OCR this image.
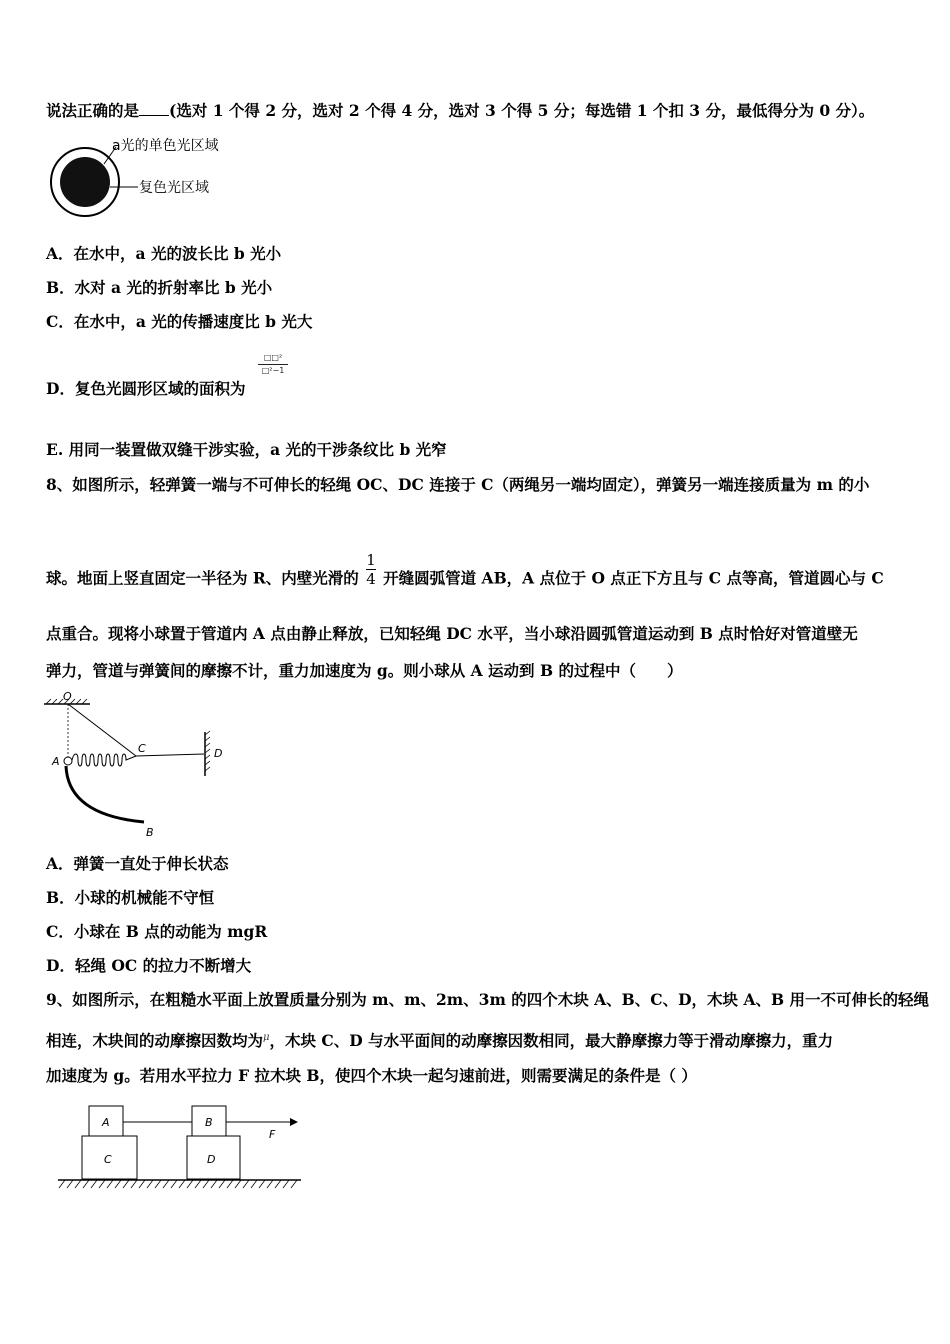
说法正确的是 (选对 1 个得 2 分，选对 2 个得 4 分，选对 3 个得 5 分；每选错 1 个扣 3 分，最低得分为 0 分）。
a光的单色光区域
复色光区域
A．在水中，a 光的波长比 b 光小
B．水对 a 光的折射率比 b 光小
C．在水中，a 光的传播速度比 b 光大
D．复色光圆形区域的面积为
□□²
□²−1
E. 用同一装置做双缝干涉实验，a 光的干涉条纹比 b 光窄
8、如图所示，轻弹簧一端与不可伸长的轻绳 OC、DC 连接于 C（两绳另一端均固定），弹簧另一端连接质量为 m 的小
球。地面上竖直固定一半径为 R、内壁光滑的 $\frac{1}{4}$ 开缝圆弧管道 AB，A 点位于 O 点正下方且与 C 点等高，管道圆心与 C
点重合。现将小球置于管道内 A 点由静止释放，已知轻绳 DC 水平，当小球沿圆弧管道运动到 B 点时恰好对管道壁无
弹力，管道与弹簧间的摩擦不计，重力加速度为 g。则小球从 A 运动到 B 的过程中（　　）
O
D
C
A
B
A．弹簧一直处于伸长状态
B．小球的机械能不守恒
C．小球在 B 点的动能为 mgR
D．轻绳 OC 的拉力不断增大
9、如图所示，在粗糙水平面上放置质量分别为 m、m、2m、3m 的四个木块 A、B、C、D，木块 A、B 用一不可伸长的轻绳
相连，木块间的动摩擦因数均为$^\mu$，木块 C、D 与水平面间的动摩擦因数相同，最大静摩擦力等于滑动摩擦力，重力
加速度为 g。若用水平拉力 F 拉木块 B，使四个木块一起匀速前进，则需要满足的条件是（ ）
A
C
B
D
F
